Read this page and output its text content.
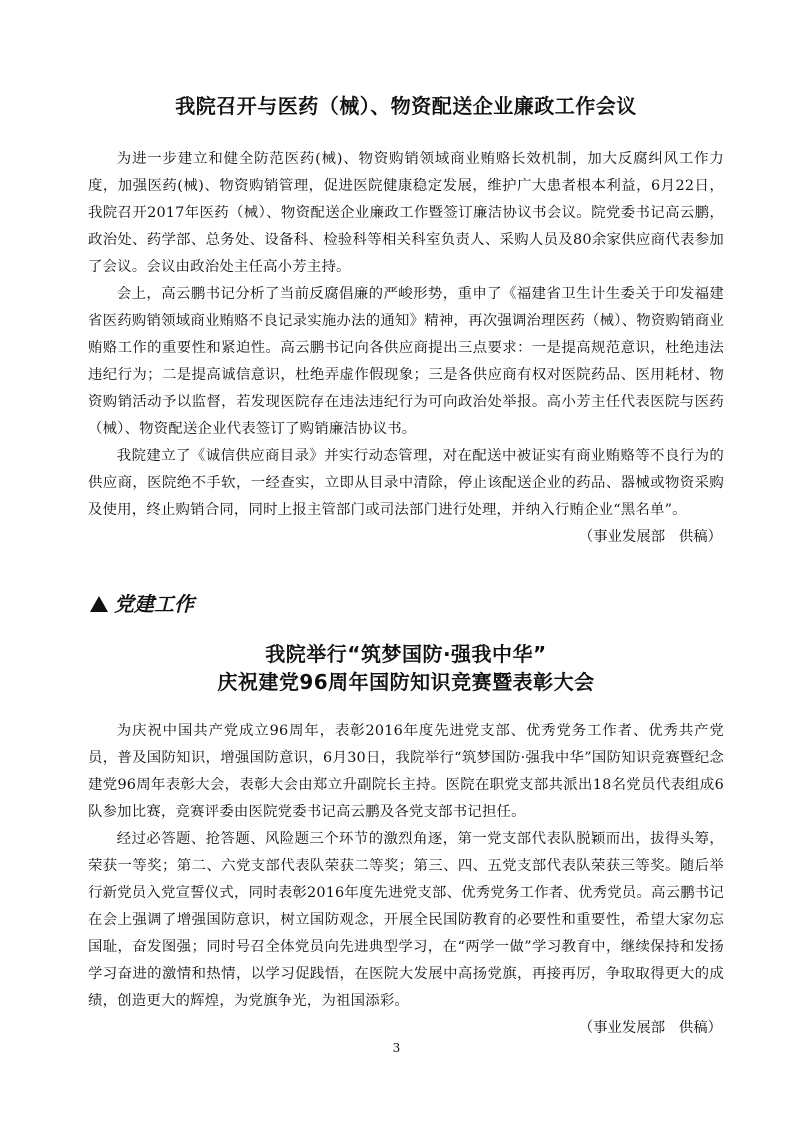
我院召开与医药（械）、物资配送企业廉政工作会议

为进一步建立和健全防范医药(械)、物资购销领域商业贿赂长效机制，加大反腐纠风工作力度，加强医药(械)、物资购销管理，促进医院健康稳定发展，维护广大患者根本利益，6月22日，我院召开2017年医药（械）、物资配送企业廉政工作暨签订廉洁协议书会议。院党委书记高云鹏，政治处、药学部、总务处、设备科、检验科等相关科室负责人、采购人员及80余家供应商代表参加了会议。会议由政治处主任高小芳主持。

会上，高云鹏书记分析了当前反腐倡廉的严峻形势，重申了《福建省卫生计生委关于印发福建省医药购销领域商业贿赂不良记录实施办法的通知》精神，再次强调治理医药（械）、物资购销商业贿赂工作的重要性和紧迫性。高云鹏书记向各供应商提出三点要求：一是提高规范意识，杜绝违法违纪行为；二是提高诚信意识，杜绝弄虚作假现象；三是各供应商有权对医院药品、医用耗材、物资购销活动予以监督，若发现医院存在违法违纪行为可向政治处举报。高小芳主任代表医院与医药（械）、物资配送企业代表签订了购销廉洁协议书。

我院建立了《诚信供应商目录》并实行动态管理，对在配送中被证实有商业贿赂等不良行为的供应商，医院绝不手软，一经查实，立即从目录中清除，停止该配送企业的药品、器械或物资采购及使用，终止购销合同，同时上报主管部门或司法部门进行处理，并纳入行贿企业“黑名单”。

（事业发展部   供稿）

党建工作
我院举行“筑梦国防·强我中华”
庆祝建党96周年国防知识竞赛暨表彰大会

为庆祝中国共产党成立96周年，表彰2016年度先进党支部、优秀党务工作者、优秀共产党员，普及国防知识，增强国防意识，6月30日，我院举行“筑梦国防·强我中华”国防知识竞赛暨纪念建党96周年表彰大会，表彰大会由郑立升副院长主持。医院在职党支部共派出18名党员代表组成6队参加比赛，竞赛评委由医院党委书记高云鹏及各党支部书记担任。

经过必答题、抢答题、风险题三个环节的激烈角逐，第一党支部代表队脱颖而出，拔得头筹，荣获一等奖；第二、六党支部代表队荣获二等奖；第三、四、五党支部代表队荣获三等奖。随后举行新党员入党宣誓仪式，同时表彰2016年度先进党支部、优秀党务工作者、优秀党员。高云鹏书记在会上强调了增强国防意识，树立国防观念，开展全民国防教育的必要性和重要性，希望大家勿忘国耻，奋发图强；同时号召全体党员向先进典型学习，在“两学一做”学习教育中，继续保持和发扬学习奋进的激情和热情，以学习促践悟，在医院大发展中高扬党旗，再接再厉，争取取得更大的成绩，创造更大的辉煌，为党旗争光，为祖国添彩。

（事业发展部   供稿）

3
